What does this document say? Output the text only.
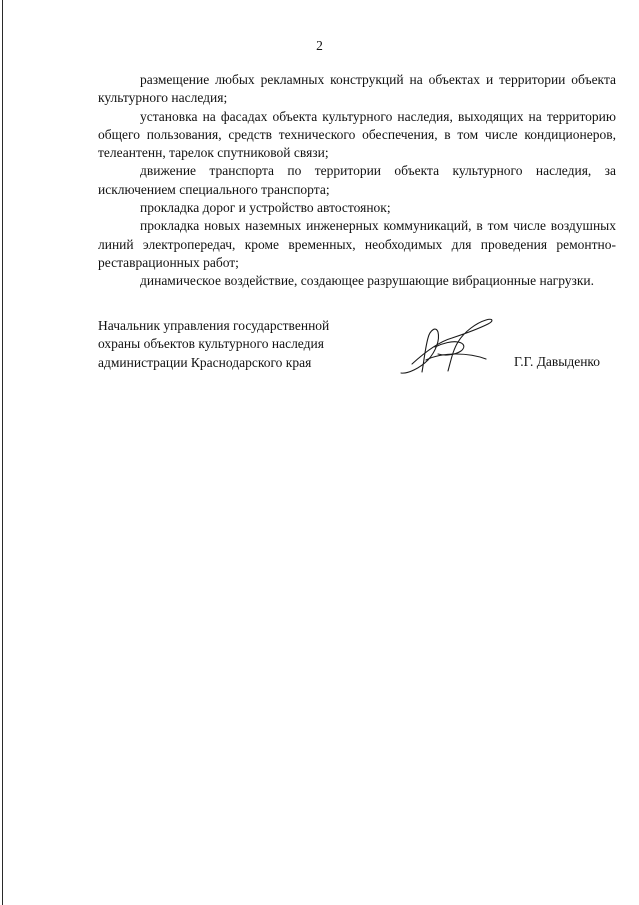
2

размещение любых рекламных конструкций на объектах и территории объекта культурного наследия;

установка на фасадах объекта культурного наследия, выходящих на территорию общего пользования, средств технического обеспечения, в том числе кондиционеров, телеантенн, тарелок спутниковой связи;

движение транспорта по территории объекта культурного наследия, за исключением специального транспорта;

прокладка дорог и устройство автостоянок;

прокладка новых наземных инженерных коммуникаций, в том числе воздушных линий электропередач, кроме временных, необходимых для проведения ремонтно-реставрационных работ;

динамическое воздействие, создающее разрушающие вибрационные нагрузки.

Начальник управления государственной
охраны объектов культурного наследия
администрации Краснодарского края	Г.Г. Давыденко
